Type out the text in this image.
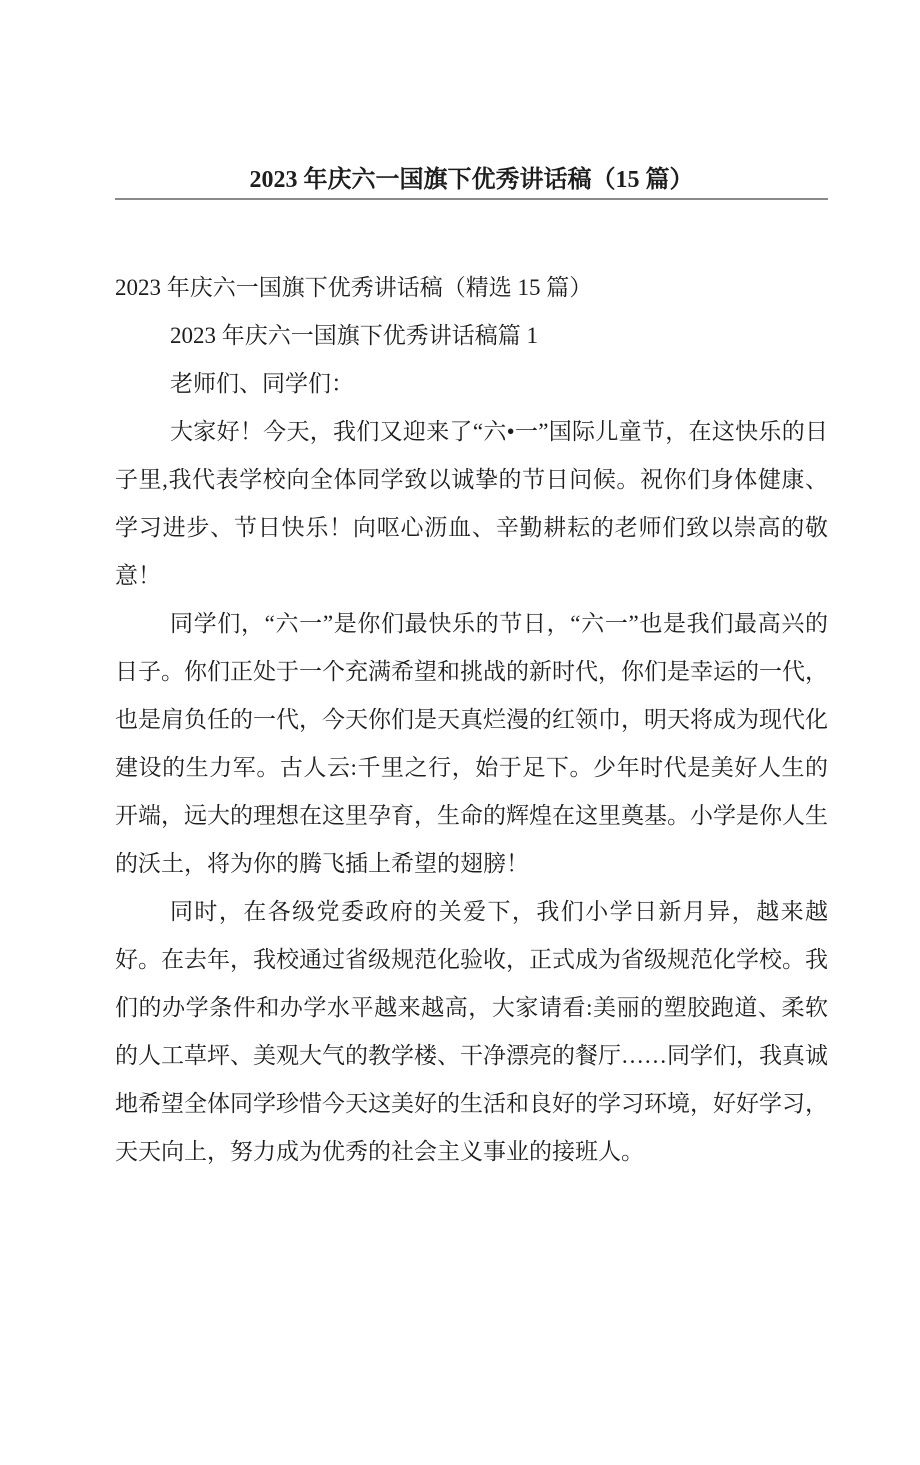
2023 年庆六一国旗下优秀讲话稿（15 篇）

2023 年庆六一国旗下优秀讲话稿（精选 15 篇）

2023 年庆六一国旗下优秀讲话稿篇 1

老师们、同学们：

大家好！今天，我们又迎来了“六•一”国际儿童节，在这快乐的日子里,我代表学校向全体同学致以诚挚的节日问候。祝你们身体健康、学习进步、节日快乐！向呕心沥血、辛勤耕耘的老师们致以崇高的敬意！

同学们，“六一”是你们最快乐的节日，“六一”也是我们最高兴的日子。你们正处于一个充满希望和挑战的新时代，你们是幸运的一代，也是肩负任的一代，今天你们是天真烂漫的红领巾，明天将成为现代化建设的生力军。古人云:千里之行，始于足下。少年时代是美好人生的开端，远大的理想在这里孕育，生命的辉煌在这里奠基。小学是你人生的沃土，将为你的腾飞插上希望的翅膀！

同时，在各级党委政府的关爱下，我们小学日新月异，越来越好。在去年，我校通过省级规范化验收，正式成为省级规范化学校。我们的办学条件和办学水平越来越高，大家请看:美丽的塑胶跑道、柔软的人工草坪、美观大气的教学楼、干净漂亮的餐厅……同学们，我真诚地希望全体同学珍惜今天这美好的生活和良好的学习环境，好好学习，天天向上，努力成为优秀的社会主义事业的接班人。
